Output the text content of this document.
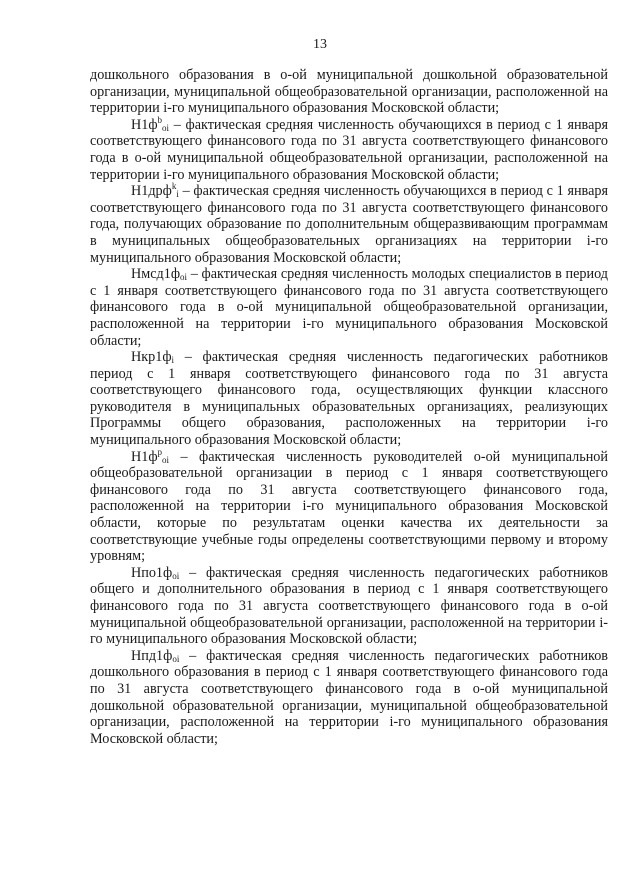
13

дошкольного образования в о-ой муниципальной дошкольной образовательной организации, муниципальной общеобразовательной организации, расположенной на территории i-го муниципального образования Московской области;

$Н1ф^b_{oi}$ – фактическая средняя численность обучающихся в период с 1 января соответствующего финансового года по 31 августа соответствующего финансового года в о-ой муниципальной общеобразовательной организации, расположенной на территории i-го муниципального образования Московской области;

Н1дрф$^k_i$ – фактическая средняя численность обучающихся в период с 1 января соответствующего финансового года по 31 августа соответствующего финансового года, получающих образование по дополнительным общеразвивающим программам в муниципальных общеобразовательных организациях на территории i-го муниципального образования Московской области;

$Нмсд1ф_{oi}$ – фактическая средняя численность молодых специалистов в период с 1 января соответствующего финансового года по 31 августа соответствующего финансового года в о-ой муниципальной общеобразовательной организации, расположенной на территории i-го муниципального образования Московской области;

$Нкр1ф_i$ – фактическая средняя численность педагогических работников период с 1 января соответствующего финансового года по 31 августа соответствующего финансового года, осуществляющих функции классного руководителя в муниципальных образовательных организациях, реализующих Программы общего образования, расположенных на территории i-го муниципального образования Московской области;

$Н1ф^р_{oi}$ – фактическая численность руководителей о-ой муниципальной общеобразовательной организации в период с 1 января соответствующего финансового года по 31 августа соответствующего финансового года, расположенной на территории i-го муниципального образования Московской области, которые по результатам оценки качества их деятельности за соответствующие учебные годы определены соответствующими первому и второму уровням;

$Нпо1ф_{oi}$ – фактическая средняя численность педагогических работников общего и дополнительного образования в период с 1 января соответствующего финансового года по 31 августа соответствующего финансового года в о-ой муниципальной общеобразовательной организации, расположенной на территории i-го муниципального образования Московской области;

$Нпд1ф_{oi}$ – фактическая средняя численность педагогических работников дошкольного образования в период с 1 января соответствующего финансового года по 31 августа соответствующего финансового года в о-ой муниципальной дошкольной образовательной организации, муниципальной общеобразовательной организации, расположенной на территории i-го муниципального образования Московской области;
